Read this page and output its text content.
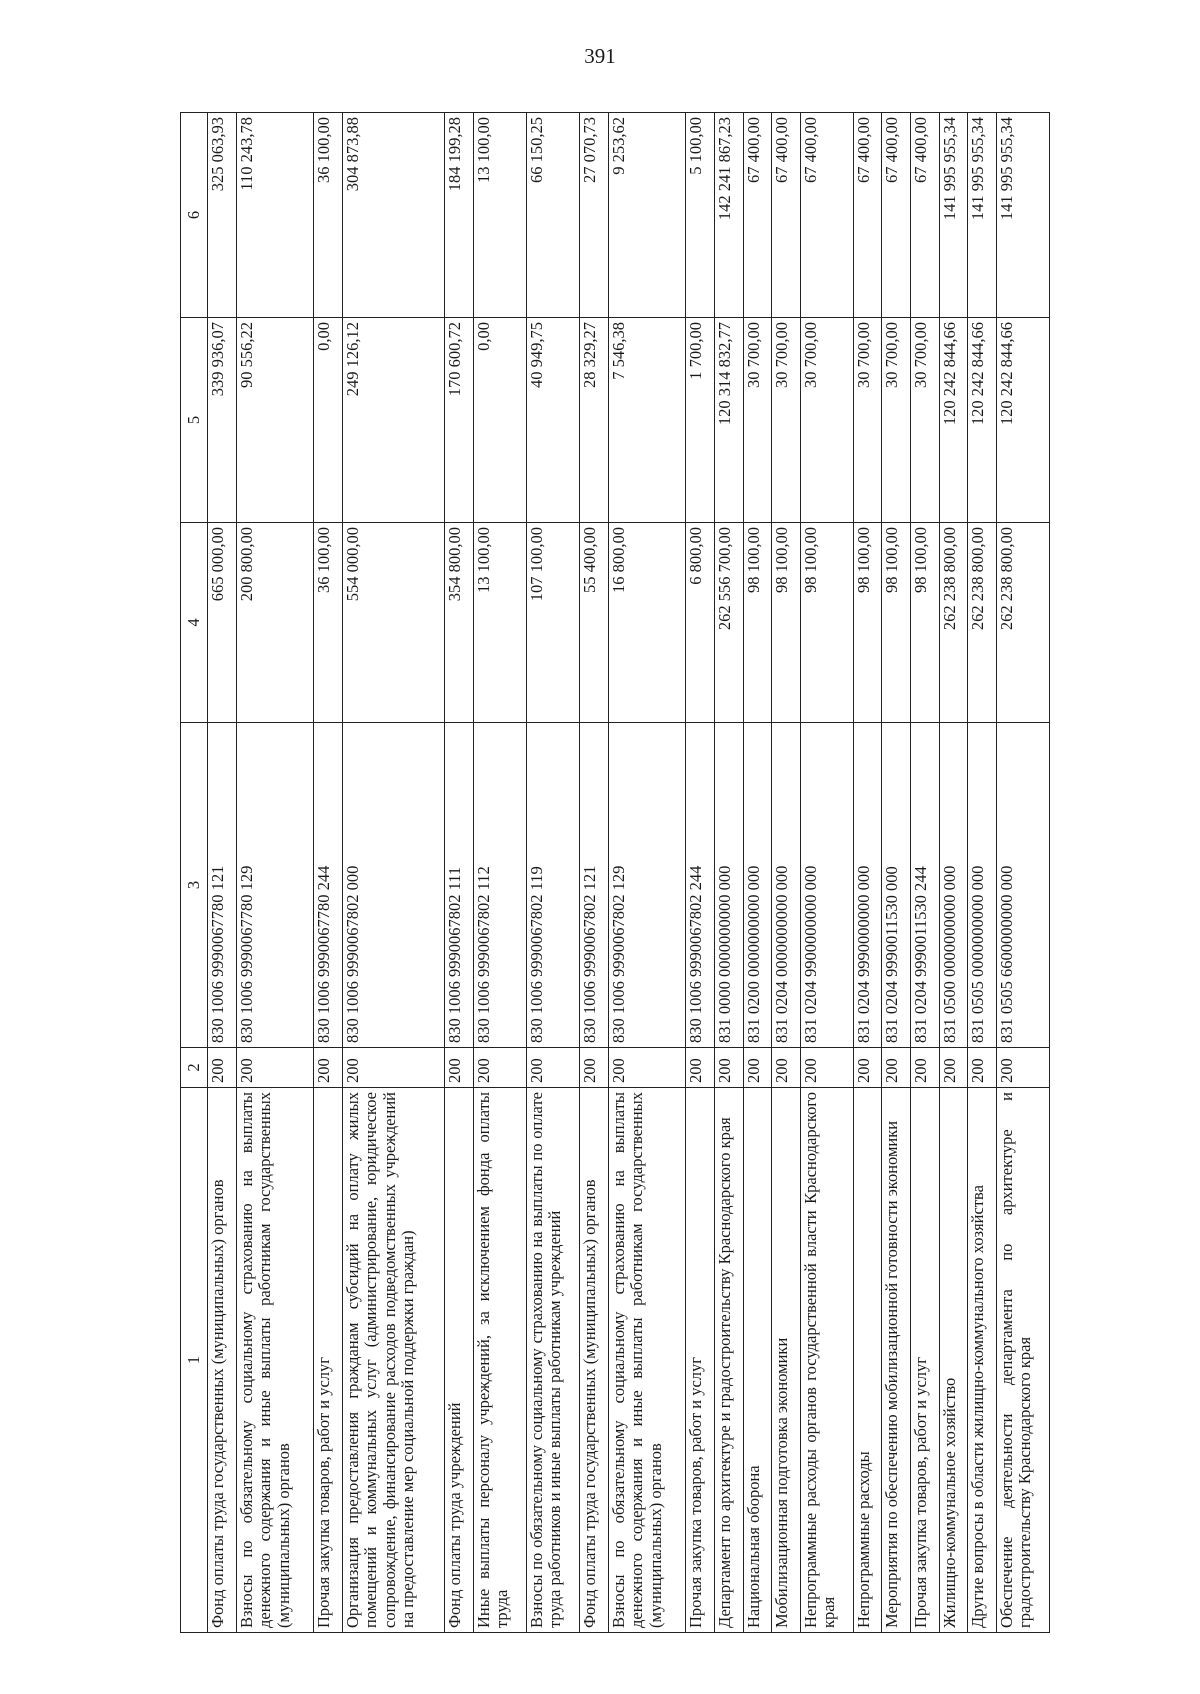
391
1	2	3	4	5	6
Фонд оплаты труда государственных (муниципальных) органов	200	830 1006 9990067780 121	665 000,00	339 936,07	325 063,93
Взносы по обязательному социальному страхованию на выплаты денежного содержания и иные выплаты работникам государственных (муниципальных) органов	200	830 1006 9990067780 129	200 800,00	90 556,22	110 243,78
Прочая закупка товаров, работ и услуг	200	830 1006 9990067780 244	36 100,00	0,00	36 100,00
Организация предоставления гражданам субсидий на оплату жилых помещений и коммунальных услуг (администрирование, юридическое сопровождение, финансирование расходов подведомственных учреждений на предоставление мер социальной поддержки граждан)	200	830 1006 9990067802 000	554 000,00	249 126,12	304 873,88
Фонд оплаты труда учреждений	200	830 1006 9990067802 111	354 800,00	170 600,72	184 199,28
Иные выплаты персоналу учреждений, за исключением фонда оплаты труда	200	830 1006 9990067802 112	13 100,00	0,00	13 100,00
Взносы по обязательному социальному страхованию на выплаты по оплате труда работников и иные выплаты работникам учреждений	200	830 1006 9990067802 119	107 100,00	40 949,75	66 150,25
Фонд оплаты труда государственных (муниципальных) органов	200	830 1006 9990067802 121	55 400,00	28 329,27	27 070,73
Взносы по обязательному социальному страхованию на выплаты денежного содержания и иные выплаты работникам государственных (муниципальных) органов	200	830 1006 9990067802 129	16 800,00	7 546,38	9 253,62
Прочая закупка товаров, работ и услуг	200	830 1006 9990067802 244	6 800,00	1 700,00	5 100,00
Департамент по архитектуре и градостроительству Краснодарского края	200	831 0000 0000000000 000	262 556 700,00	120 314 832,77	142 241 867,23
Национальная оборона	200	831 0200 0000000000 000	98 100,00	30 700,00	67 400,00
Мобилизационная подготовка экономики	200	831 0204 0000000000 000	98 100,00	30 700,00	67 400,00
Непрограммные расходы органов государственной власти Краснодарского края	200	831 0204 9900000000 000	98 100,00	30 700,00	67 400,00
Непрограммные расходы	200	831 0204 9990000000 000	98 100,00	30 700,00	67 400,00
Мероприятия по обеспечению мобилизационной готовности экономики	200	831 0204 9990011530 000	98 100,00	30 700,00	67 400,00
Прочая закупка товаров, работ и услуг	200	831 0204 9990011530 244	98 100,00	30 700,00	67 400,00
Жилищно-коммунальное хозяйство	200	831 0500 0000000000 000	262 238 800,00	120 242 844,66	141 995 955,34
Другие вопросы в области жилищно-коммунального хозяйства	200	831 0505 0000000000 000	262 238 800,00	120 242 844,66	141 995 955,34
Обеспечение деятельности департамента по архитектуре и градостроительству Краснодарского края	200	831 0505 6600000000 000	262 238 800,00	120 242 844,66	141 995 955,34
